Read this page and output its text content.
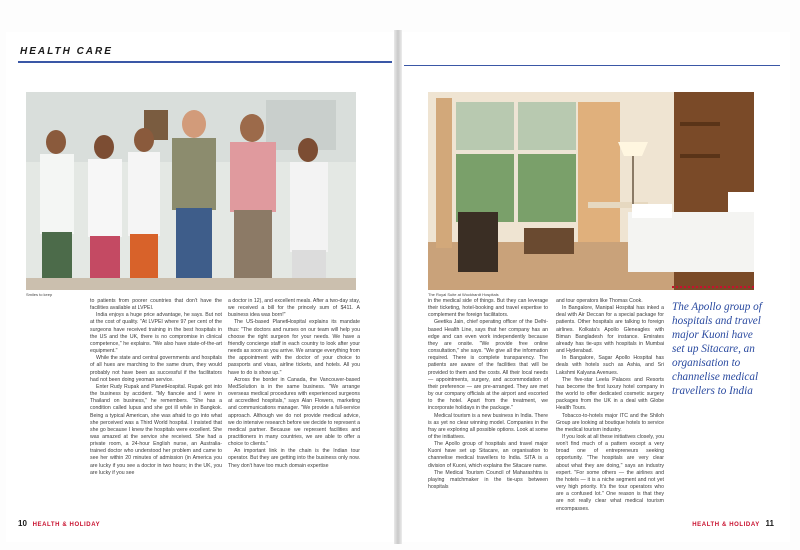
HEALTH CARE
Smiles to keep	The Royal Suite at Wockhardt Hospitals

to patients from poorer countries that don't have the facilities available at LVPEI.

India enjoys a huge price advantage, he says. But not at the cost of quality. "At LVPEI where 97 per cent of the surgeons have received training in the best hospitals in the US and the UK, there is no compromise in clinical competence," he explains. "We also have state-of-the-art equipment."

While the state and central governments and hospitals of all hues are marching to the same drum, they would probably not have been as successful if the facilitators had not been doing yeoman service.

Enter Rudy Rupak and PlanetHospital. Rupak got into the business by accident. "My fiancée and I were in Thailand on business," he remembers. "She has a condition called lupus and she got ill while in Bangkok. Being a typical American, she was afraid to go into what she perceived was a Third World hospital. I insisted that she go because I knew the hospitals were excellent. She was amazed at the service she received. She had a private room, a 24-hour English nurse, an Australia-trained doctor who understood her problem and came to see her within 20 minutes of admission (in America you are lucky if you see a doctor in two hours; in the UK, you are lucky if you see

a doctor in 12), and excellent meals. After a two-day stay, we received a bill for the princely sum of $411. A business idea was born!"

The US-based PlanetHospital explains its mandate thus: "The doctors and nurses on our team will help you choose the right surgeon for your needs. We have a friendly concierge staff in each country to look after your needs as soon as you arrive. We arrange everything from the appointment with the doctor of your choice to passports and visas, airline tickets, and hotels. All you have to do is show up."

Across the border in Canada, the Vancouver-based MedSolution is in the same business. "We arrange overseas medical procedures with experienced surgeons at accredited hospitals," says Alan Flowers, marketing and communications manager. "We provide a full-service approach. Although we do not provide medical advice, we do intensive research before we decide to represent a medical partner. Because we represent facilities and practitioners in many countries, we are able to offer a choice to clients."

An important link in the chain is the Indian tour operator. But they are getting into the business only now. They don't have too much domain expertise

in the medical side of things. But they can leverage their ticketing, hotel-booking and travel expertise to complement the foreign facilitators.

Geetika Jain, chief operating officer of the Delhi-based Health Line, says that her company has an edge and can even work independently because they are onsite. "We provide free online consultation," she says. "We give all the information required. There is complete transparency. The patients are aware of the facilities that will be provided to them and the costs. All their local needs — appointments, surgery, and accommodation of their preference — are pre-arranged. They are met by our company officials at the airport and escorted to the hotel. Apart from the treatment, we incorporate holidays in the package."

Medical tourism is a new business in India. There is as yet no clear winning model. Companies in the fray are exploring all possible options. Look at some of the initiatives.

The Apollo group of hospitals and travel major Kuoni have set up Sitacare, an organisation to channelise medical travellers to India. SITA is a division of Kuoni, which explains the Sitacare name.

The Medical Tourism Council of Maharashtra is playing matchmaker in the tie-ups between hospitals

and tour operators like Thomas Cook.

In Bangalore, Manipal Hospital has inked a deal with Air Deccan for a special package for patients. Other hospitals are talking to foreign airlines. Kolkata's Apollo Gleneagles with Biman Bangladesh for instance. Emirates already has tie-ups with hospitals in Mumbai and Hyderabad.

In Bangalore, Sagar Apollo Hospital has deals with hotels such as Ashia, and Sri Lakshmi Kalyana Avenues.

The five-star Leela Palaces and Resorts has become the first luxury hotel company in the world to offer dedicated cosmetic surgery packages from the UK in a deal with Globe Health Tours.

Tobacco-to-hotels major ITC and the Shiloh Group are looking at boutique hotels to service the medical tourism industry.

If you look at all these initiatives closely, you won't find much of a pattern except a very broad one of entrepreneurs seeking opportunity. "The hospitals are very clear about what they are doing," says an industry expert. "For some others — the airlines and the hotels — it is a niche segment and not yet very high priority. It's the tour operators who are a confused lot." One reason is that they are not really clear what medical tourism encompasses.

The Apollo group of hospitals and travel major Kuoni have set up Sitacare, an organisation to channelise medical travellers to India
10 HEALTH & HOLIDAY	HEALTH & HOLIDAY 11
